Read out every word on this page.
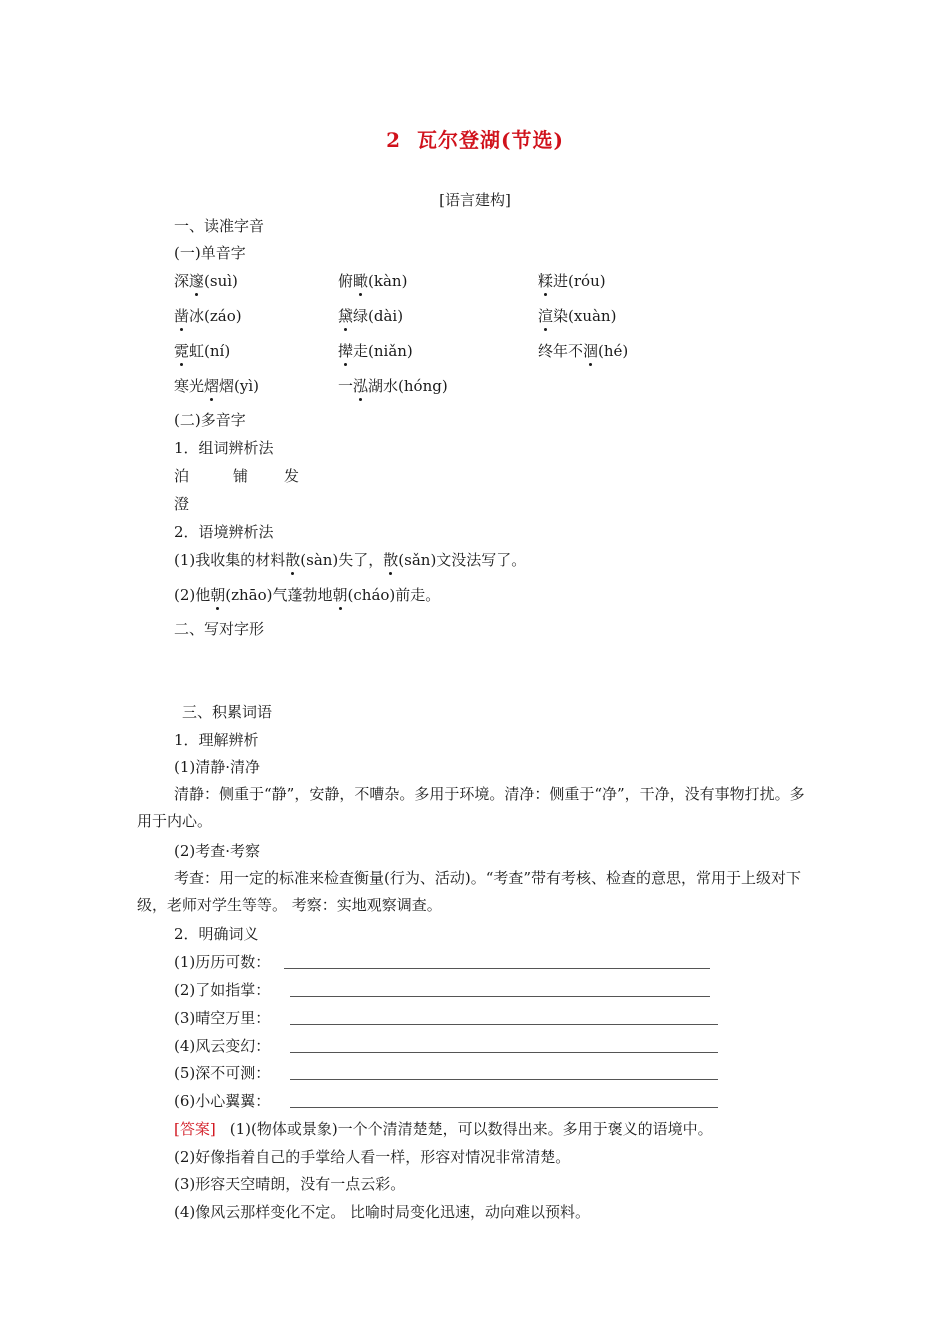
2 瓦尔登湖(节选)
[语言建构]
一、读准字音
(一)单音字
深邃(suì)	俯瞰(kàn)	糅进(róu)
凿冰(záo)	黛绿(dài)	渲染(xuàn)
霓虹(ní)	撵走(niǎn)	终年不涸(hé)
寒光熠熠(yì)	一泓湖水(hóng)
(二)多音字
1．组词辨析法
泊	铺 发
澄
2．语境辨析法
(1)我收集的材料散(sàn)失了，散(sǎn)文没法写了。
(2)他朝(zhāo)气蓬勃地朝(cháo)前走。
二、写对字形
三、积累词语
1．理解辨析
(1)清静·清净
清静：侧重于“静”，安静，不嘈杂。多用于环境。清净：侧重于“净”，干净，没有事物打扰。多用于内心。
(2)考查·考察
考查：用一定的标准来检查衡量(行为、活动)。“考查”带有考核、检查的意思，常用于上级对下级，老师对学生等等。 考察：实地观察调查。
2．明确词义
(1)历历可数：
(2)了如指掌：
(3)晴空万里：
(4)风云变幻：
(5)深不可测：
(6)小心翼翼：
[答案] (1)(物体或景象)一个个清清楚楚，可以数得出来。多用于褒义的语境中。
(2)好像指着自己的手掌给人看一样，形容对情况非常清楚。
(3)形容天空晴朗，没有一点云彩。
(4)像风云那样变化不定。 比喻时局变化迅速，动向难以预料。
